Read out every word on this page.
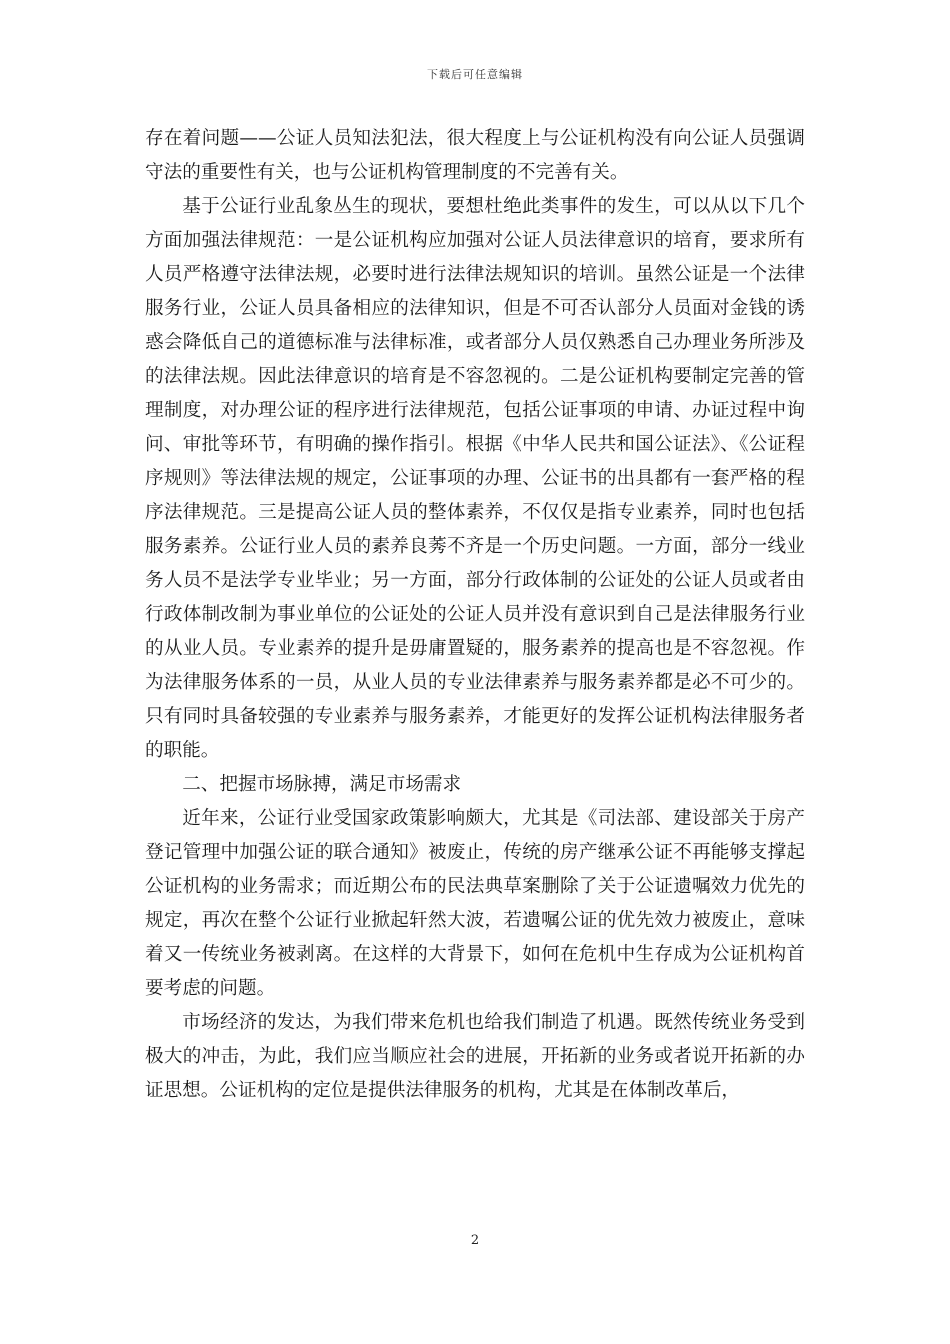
下载后可任意编辑

存在着问题——公证人员知法犯法，很大程度上与公证机构没有向公证人员强调守法的重要性有关，也与公证机构管理制度的不完善有关。

基于公证行业乱象丛生的现状，要想杜绝此类事件的发生，可以从以下几个方面加强法律规范：一是公证机构应加强对公证人员法律意识的培育，要求所有人员严格遵守法律法规，必要时进行法律法规知识的培训。虽然公证是一个法律服务行业，公证人员具备相应的法律知识，但是不可否认部分人员面对金钱的诱惑会降低自己的道德标准与法律标准，或者部分人员仅熟悉自己办理业务所涉及的法律法规。因此法律意识的培育是不容忽视的。二是公证机构要制定完善的管理制度，对办理公证的程序进行法律规范，包括公证事项的申请、办证过程中询问、审批等环节，有明确的操作指引。根据《中华人民共和国公证法》、《公证程序规则》等法律法规的规定，公证事项的办理、公证书的出具都有一套严格的程序法律规范。三是提高公证人员的整体素养，不仅仅是指专业素养，同时也包括服务素养。公证行业人员的素养良莠不齐是一个历史问题。一方面，部分一线业务人员不是法学专业毕业；另一方面，部分行政体制的公证处的公证人员或者由行政体制改制为事业单位的公证处的公证人员并没有意识到自己是法律服务行业的从业人员。专业素养的提升是毋庸置疑的，服务素养的提高也是不容忽视。作为法律服务体系的一员，从业人员的专业法律素养与服务素养都是必不可少的。只有同时具备较强的专业素养与服务素养，才能更好的发挥公证机构法律服务者的职能。

二、把握市场脉搏，满足市场需求

近年来，公证行业受国家政策影响颇大，尤其是《司法部、建设部关于房产登记管理中加强公证的联合通知》被废止，传统的房产继承公证不再能够支撑起公证机构的业务需求；而近期公布的民法典草案删除了关于公证遗嘱效力优先的规定，再次在整个公证行业掀起轩然大波，若遗嘱公证的优先效力被废止，意味着又一传统业务被剥离。在这样的大背景下，如何在危机中生存成为公证机构首要考虑的问题。

市场经济的发达，为我们带来危机也给我们制造了机遇。既然传统业务受到极大的冲击，为此，我们应当顺应社会的进展，开拓新的业务或者说开拓新的办证思想。公证机构的定位是提供法律服务的机构，尤其是在体制改革后，

2
